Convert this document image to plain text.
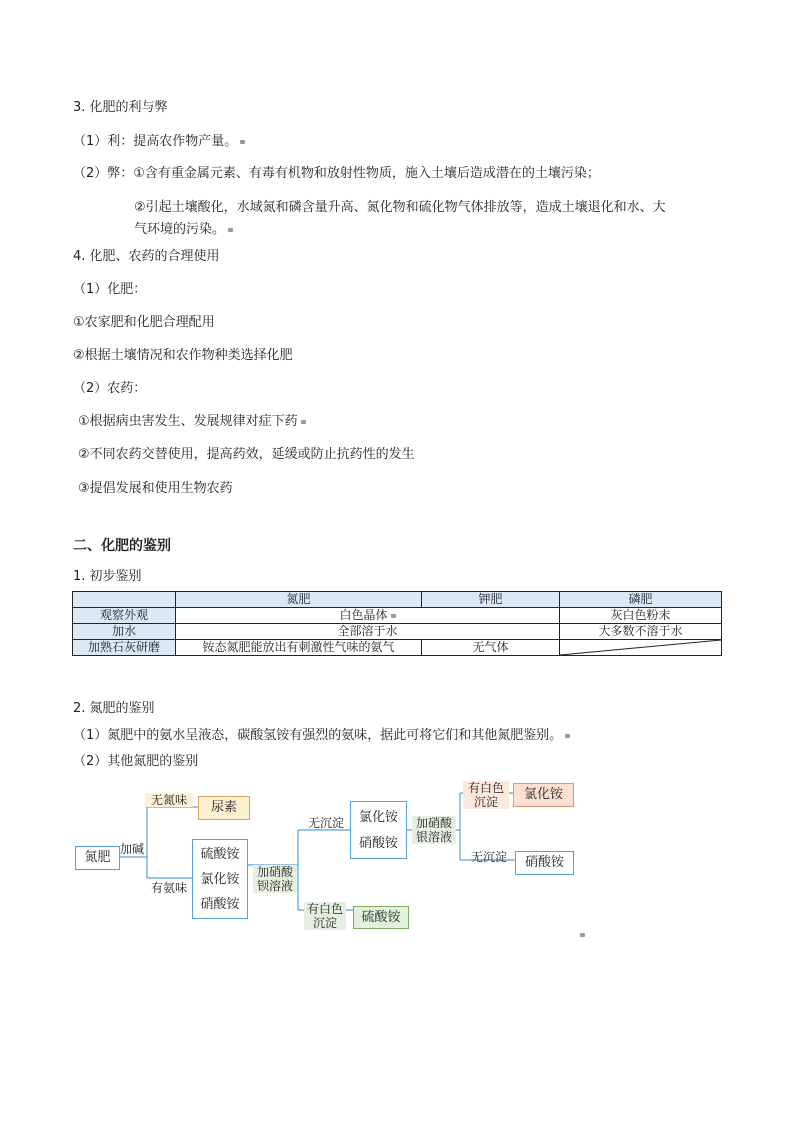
3. 化肥的利与弊
（1）利：提高农作物产量。
（2）弊：①含有重金属元素、有毒有机物和放射性物质，施入土壤后造成潜在的土壤污染；
②引起土壤酸化，水域氮和磷含量升高、氮化物和硫化物气体排放等，造成土壤退化和水、大
气环境的污染。
4. 化肥、农药的合理使用
（1）化肥：
①农家肥和化肥合理配用
②根据土壤情况和农作物种类选择化肥
（2）农药：
①根据病虫害发生、发展规律对症下药
②不同农药交替使用，提高药效，延缓或防止抗药性的发生
③提倡发展和使用生物农药
二、化肥的鉴别
1. 初步鉴别
	氮肥	钾肥	磷肥
观察外观	白色晶体		灰白色粉末
加水	全部溶于水		大多数不溶于水
加熟石灰研磨	铵态氮肥能放出有刺激性气味的氨气	无气体	
2. 氮肥的鉴别
（1）氮肥中的氨水呈液态，碳酸氢铵有强烈的氨味，据此可将它们和其他氮肥鉴别。
（2）其他氮肥的鉴别
氮肥
加碱
无氮味	尿素
有氨味
硫酸铵
氯化铵
硝酸铵
加硝酸
钡溶液
无沉淀	氯化铵
硝酸铵
有白色
沉淀	硫酸铵
加硝酸
银溶液
有白色
沉淀	氯化铵
无沉淀	硝酸铵
